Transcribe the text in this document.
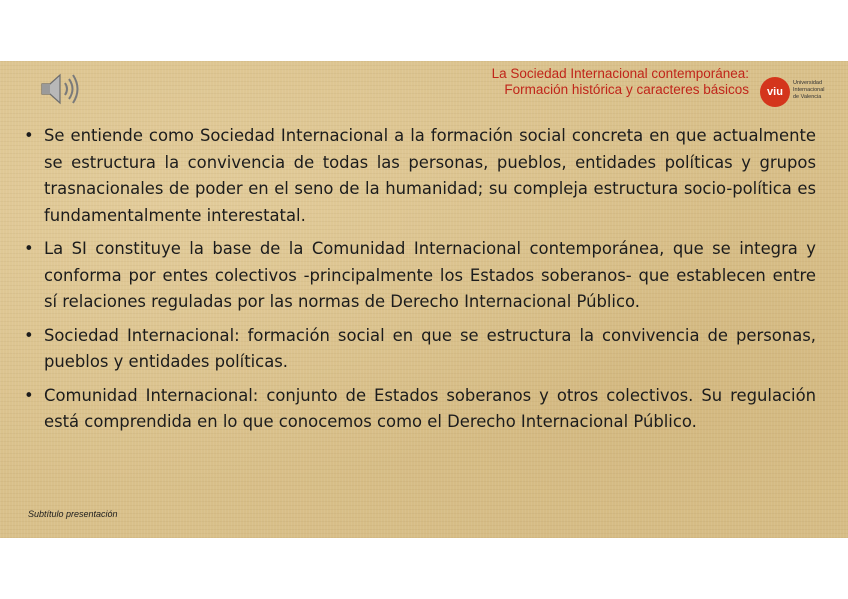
La Sociedad Internacional contemporánea:
Formación histórica y caracteres básicos	viu
Universidad
Internacional
de Valencia
• Se entiende como Sociedad Internacional a la formación social concreta en que actualmente se estructura la convivencia de todas las personas, pueblos, entidades políticas y grupos trasnacionales de poder en el seno de la humanidad; su compleja estructura socio-política es fundamentalmente interestatal.
• La SI constituye la base de la Comunidad Internacional contemporánea, que se integra y conforma por entes colectivos -principalmente los Estados soberanos- que establecen entre sí relaciones reguladas por las normas de Derecho Internacional Público.
• Sociedad Internacional: formación social en que se estructura la convivencia de personas, pueblos y entidades políticas.
• Comunidad Internacional: conjunto de Estados soberanos y otros colectivos. Su regulación está comprendida en lo que conocemos como el Derecho Internacional Público.
Subtítulo presentación
